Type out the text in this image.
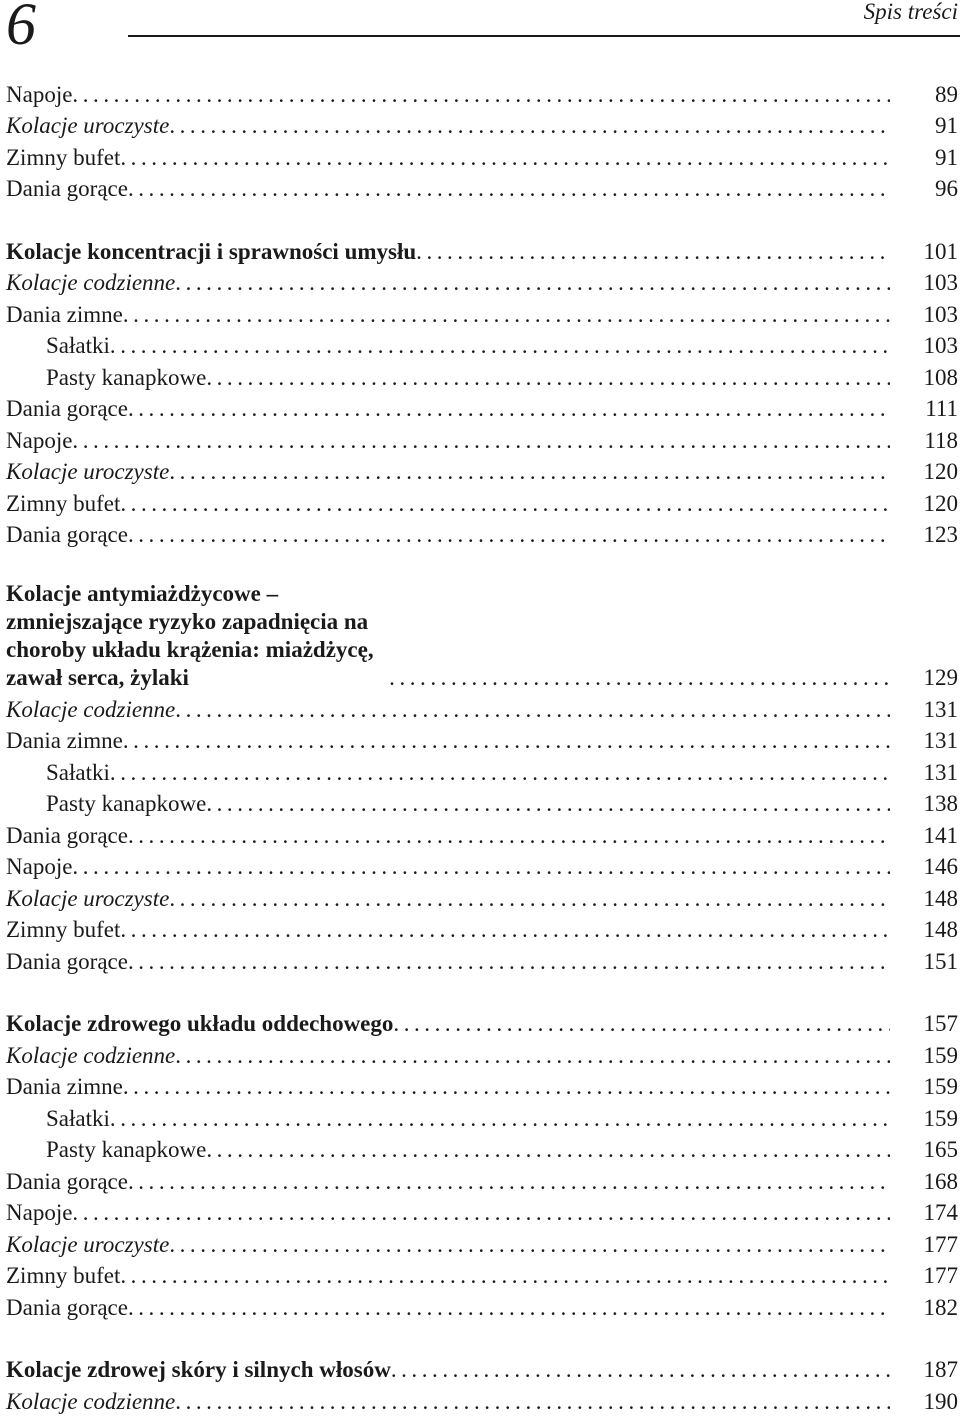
6	Spis treści
Napoje . . .	89
Kolacje uroczyste . . .	91
Zimny bufet . . .	91
Dania gorące . . .	96
Kolacje koncentracji i sprawności umysłu . . .	101
Kolacje codzienne . . .	103
Dania zimne . . .	103
Sałatki . . .	103
Pasty kanapkowe . . .	108
Dania gorące . . .	111
Napoje . . .	118
Kolacje uroczyste . . .	120
Zimny bufet . . .	120
Dania gorące . . .	123
Kolacje antymiażdżycowe – zmniejszające ryzyko zapadnięcia na choroby układu krążenia: miażdżycę, zawał serca, żylaki . . .	129
Kolacje codzienne . . .	131
Dania zimne . . .	131
Sałatki . . .	131
Pasty kanapkowe . . .	138
Dania gorące . . .	141
Napoje . . .	146
Kolacje uroczyste . . .	148
Zimny bufet . . .	148
Dania gorące . . .	151
Kolacje zdrowego układu oddechowego . . .	157
Kolacje codzienne . . .	159
Dania zimne . . .	159
Sałatki . . .	159
Pasty kanapkowe . . .	165
Dania gorące . . .	168
Napoje . . .	174
Kolacje uroczyste . . .	177
Zimny bufet . . .	177
Dania gorące . . .	182
Kolacje zdrowej skóry i silnych włosów . . .	187
Kolacje codzienne . . .	190
